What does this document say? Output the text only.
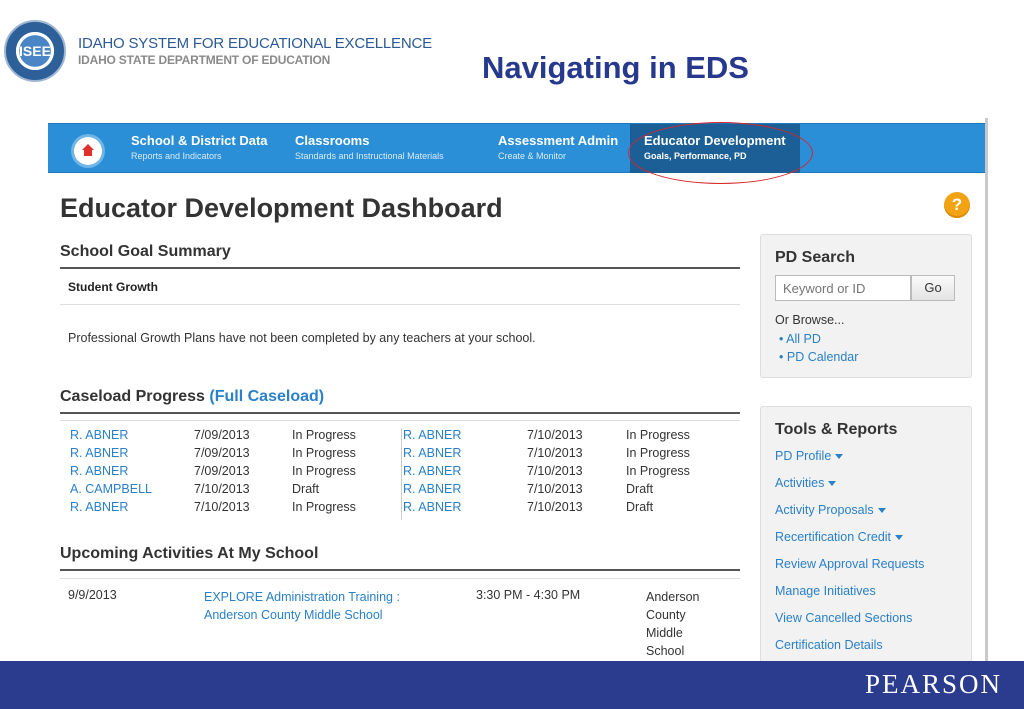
ISEE	IDAHO SYSTEM FOR EDUCATIONAL EXCELLENCE
IDAHO STATE DEPARTMENT OF EDUCATION	Navigating in EDS
School & District Data
Reports and Indicators
Classrooms
Standards and Instructional Materials
Assessment Admin
Create & Monitor
Educator Development
Goals, Performance, PD
Educator Development Dashboard	?
School Goal Summary
Student Growth
Professional Growth Plans have not been completed by any teachers at your school.
Caseload Progress (Full Caseload)
R. ABNER	7/09/2013	In Progress	R. ABNER	7/10/2013	In Progress
R. ABNER	7/09/2013	In Progress	R. ABNER	7/10/2013	In Progress
R. ABNER	7/09/2013	In Progress	R. ABNER	7/10/2013	In Progress
A. CAMPBELL	7/10/2013	Draft	R. ABNER	7/10/2013	Draft
R. ABNER	7/10/2013	In Progress	R. ABNER	7/10/2013	Draft
Upcoming Activities At My School
9/9/2013	EXPLORE Administration Training :
Anderson County Middle School
3:30 PM - 4:30 PM	Anderson
County
Middle
School
PD Search
Keyword or ID
Go
Or Browse...
• All PD
• PD Calendar
Tools & Reports
PD Profile
Activities
Activity Proposals
Recertification Credit
Review Approval Requests
Manage Initiatives
View Cancelled Sections
Certification Details
PEARSON
